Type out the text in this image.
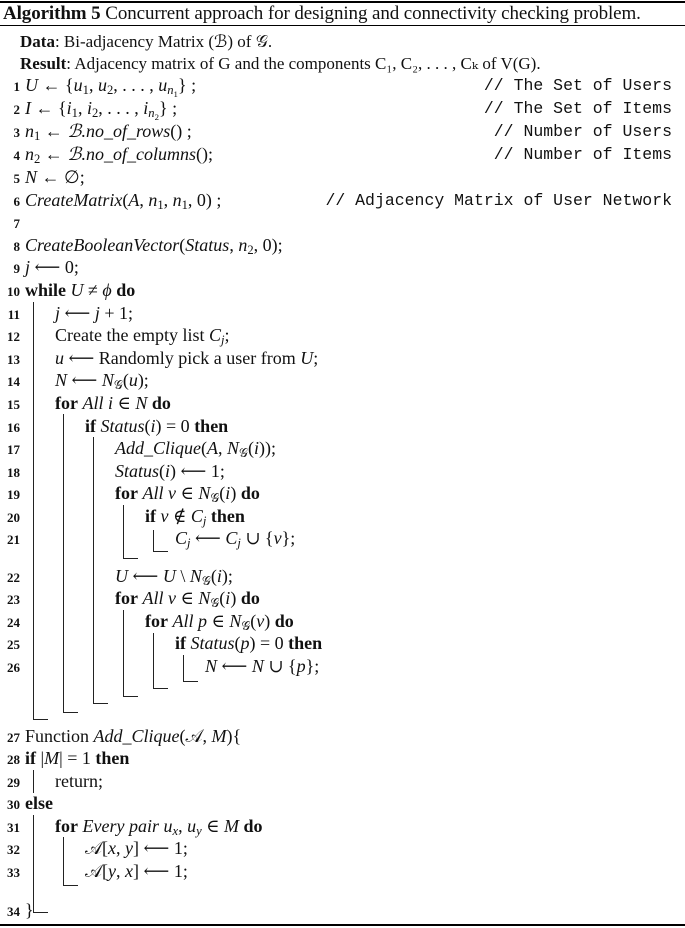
Algorithm 5 Concurrent approach for designing and connectivity checking problem.
Data: Bi-adjacency Matrix (ℬ) of 𝒢.
Result: Adjacency matrix of G and the components C₁, C₂, . . . , Cₖ of V(G).
1 U ← {$u_1$, $u_2$, . . . , $u_{n_1}$} ;	// The Set of Users
2 I ← {$i_1$, $i_2$, . . . , $i_{n_2}$} ;	// The Set of Items
3 $n_1$ ← ℬ.no_of_rows() ;	// Number of Users
4 $n_2$ ← ℬ.no_of_columns();	// Number of Items
5 N ← ∅;
6 CreateMatrix(A, $n_1$, $n_1$, 0) ;	// Adjacency Matrix of User Network
7
8 CreateBooleanVector(Status, $n_2$, 0);
9 j ⟵ 0;
10 while U ≠ ϕ do
11 j ⟵ j + 1;
12 Create the empty list $C_j$;
13 u ⟵ Randomly pick a user from U;
14 N ⟵ $N_𝒢(u)$;
15 for All i ∈ N do
16	if Status(i) = 0 then
17	Add_Clique(A, $N_𝒢(i)$);
18	Status(i) ⟵ 1;
19	for All v ∈ $N_𝒢(i)$ do
20	if v ∉ $C_j$ then
21	$C_j$ ⟵ $C_j$ ∪ {v};
22	U ⟵ U \ $N_𝒢(i)$;
23	for All v ∈ $N_𝒢(i)$ do
24	for All p ∈ $N_𝒢(v)$ do
25	if Status(p) = 0 then
26	N ⟵ N ∪ {p};
27 Function Add_Clique(𝒜, M){
28 if |M| = 1 then
29 return;
30 else
31 for Every pair $u_x$, $u_y$ ∈ M do
32	𝒜[x, y] ⟵ 1;
33	𝒜[y, x] ⟵ 1;
34 }
